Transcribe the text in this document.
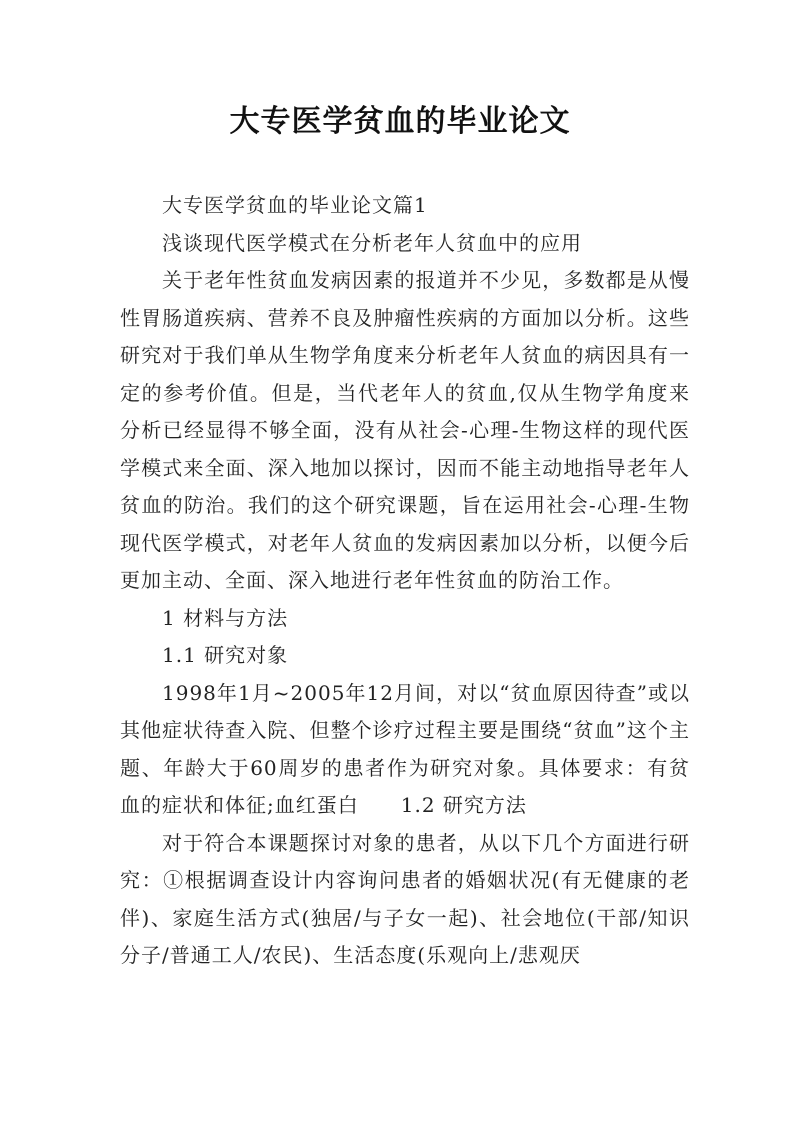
大专医学贫血的毕业论文

大专医学贫血的毕业论文篇1

浅谈现代医学模式在分析老年人贫血中的应用

关于老年性贫血发病因素的报道并不少见，多数都是从慢性胃肠道疾病、营养不良及肿瘤性疾病的方面加以分析。这些研究对于我们单从生物学角度来分析老年人贫血的病因具有一定的参考价值。但是，当代老年人的贫血,仅从生物学角度来分析已经显得不够全面，没有从社会-心理-生物这样的现代医学模式来全面、深入地加以探讨，因而不能主动地指导老年人贫血的防治。我们的这个研究课题，旨在运用社会-心理-生物现代医学模式，对老年人贫血的发病因素加以分析，以便今后更加主动、全面、深入地进行老年性贫血的防治工作。

1 材料与方法

1.1 研究对象

1998年1月~2005年12月间，对以“贫血原因待查”或以其他症状待查入院、但整个诊疗过程主要是围绕“贫血”这个主题、年龄大于60周岁的患者作为研究对象。具体要求：有贫血的症状和体征;血红蛋白　　1.2 研究方法

对于符合本课题探讨对象的患者，从以下几个方面进行研究：①根据调查设计内容询问患者的婚姻状况(有无健康的老伴)、家庭生活方式(独居/与子女一起)、社会地位(干部/知识分子/普通工人/农民)、生活态度(乐观向上/悲观厌
